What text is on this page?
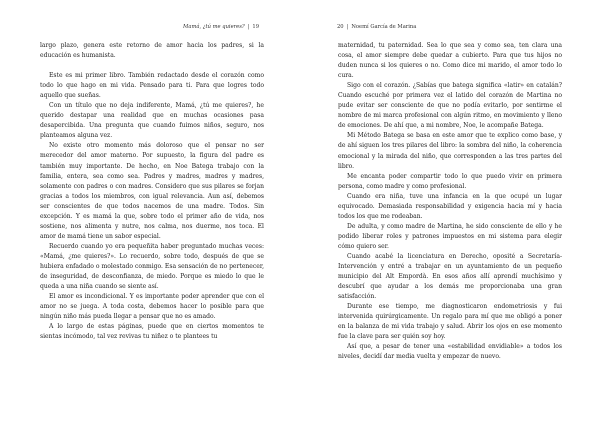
Mamá, ¿tú me quieres? | 19

largo plazo, genera este retorno de amor hacia los padres, si la educación es humanista.

Este es mi primer libro. También redactado desde el corazón como todo lo que hago en mi vida. Pensado para ti. Para que logres todo aquello que sueñas.

Con un título que no deja indiferente, Mamá, ¿tú me quieres?, he querido destapar una realidad que en muchas ocasiones pasa desapercibida. Una pregunta que cuando fuimos niños, seguro, nos planteamos alguna vez.

No existe otro momento más doloroso que el pensar no ser merecedor del amor materno. Por supuesto, la figura del padre es también muy importante. De hecho, en Noe Batega trabajo con la familia, entera, sea como sea. Padres y madres, madres y madres, solamente con padres o con madres. Considero que sus pilares se forjan gracias a todos los miembros, con igual relevancia. Aun así, debemos ser conscientes de que todos nacemos de una madre. Todos. Sin excepción. Y es mamá la que, sobre todo el primer año de vida, nos sostiene, nos alimenta y nutre, nos calma, nos duerme, nos toca. El amor de mamá tiene un sabor especial.

Recuerdo cuando yo era pequeñita haber preguntado muchas veces: «Mamá, ¿me quieres?». Lo recuerdo, sobre todo, después de que se hubiera enfadado o molestado conmigo. Esa sensación de no pertenecer, de inseguridad, de desconfianza, de miedo. Porque es miedo lo que le queda a una niña cuando se siente así.

El amor es incondicional. Y es importante poder aprender que con el amor no se juega. A toda costa, debemos hacer lo posible para que ningún niño más pueda llegar a pensar que no es amado.

A lo largo de estas páginas, puede que en ciertos momentos te sientas incómodo, tal vez revivas tu niñez o te plantees tu

20 | Noemí García de Marina

maternidad, tu paternidad. Sea lo que sea y como sea, ten clara una cosa, el amor siempre debe quedar a cubierto. Para que tus hijos no duden nunca si los quieres o no. Como dice mi marido, el amor todo lo cura.

Sigo con el corazón. ¿Sabías que batega significa «latir» en catalán? Cuando escuché por primera vez el latido del corazón de Martina no pude evitar ser consciente de que no podía evitarlo, por sentirme el nombre de mi marca profesional con algún ritmo, en movimiento y lleno de emociones. De ahí que, a mi nombre, Noe, le acompañe Batega.

Mi Método Batega se basa en este amor que te explico como base, y de ahí siguen los tres pilares del libro: la sombra del niño, la coherencia emocional y la mirada del niño, que corresponden a las tres partes del libro.

Me encanta poder compartir todo lo que puedo vivir en primera persona, como madre y como profesional.

Cuando era niña, tuve una infancia en la que ocupé un lugar equivocado. Demasiada responsabilidad y exigencia hacia mí y hacia todos los que me rodeaban.

De adulta, y como madre de Martina, he sido consciente de ello y he podido liberar roles y patrones impuestos en mi sistema para elegir cómo quiero ser.

Cuando acabé la licenciatura en Derecho, oposité a Secretaría-Intervención y entré a trabajar en un ayuntamiento de un pequeño municipio del Alt Empordà. En esos años allí aprendí muchísimo y descubrí que ayudar a los demás me proporcionaba una gran satisfacción.

Durante ese tiempo, me diagnosticaron endometriosis y fui intervenida quirúrgicamente. Un regalo para mí que me obligó a poner en la balanza de mi vida trabajo y salud. Abrir los ojos en ese momento fue la clave para ser quién soy hoy.

Así que, a pesar de tener una «estabilidad envidiable» a todos los niveles, decidí dar media vuelta y empezar de nuevo.
